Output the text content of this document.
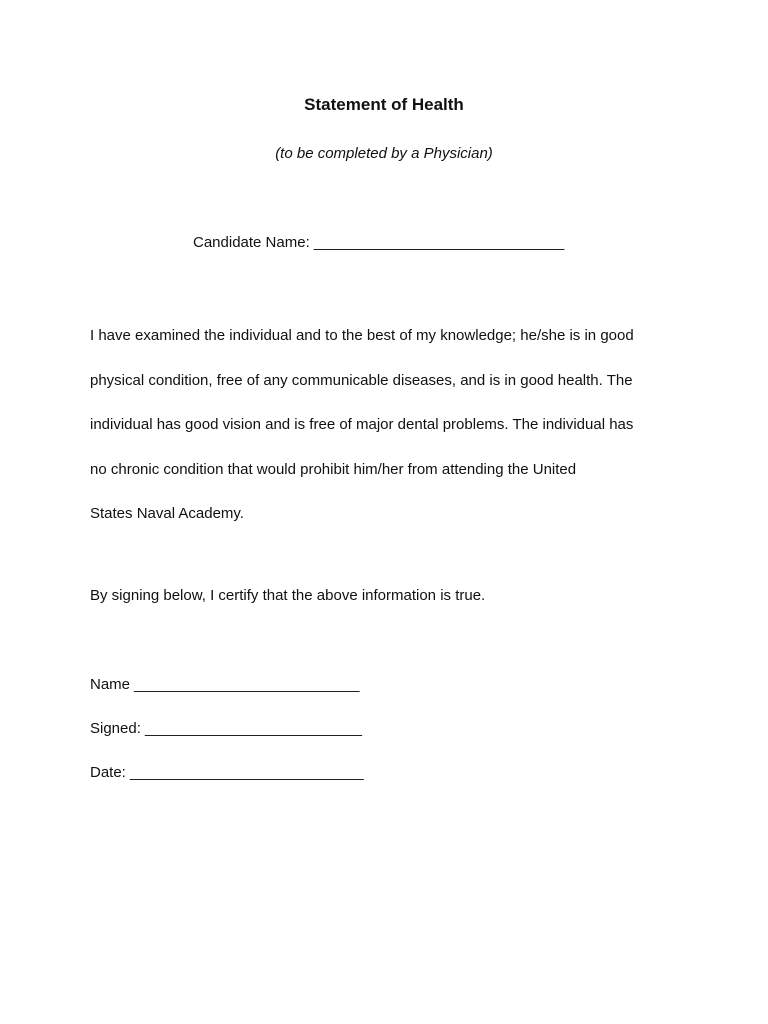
Statement of Health
(to be completed by a Physician)
Candidate Name: ______________________________
I have examined the individual and to the best of my knowledge; he/she is in good
physical condition, free of any communicable diseases, and is in good health. The
individual has good vision and is free of major dental problems. The individual has
no chronic condition that would prohibit him/her from attending the United
States Naval Academy.
By signing below, I certify that the above information is true.
Name ___________________________
Signed: __________________________
Date: ____________________________
